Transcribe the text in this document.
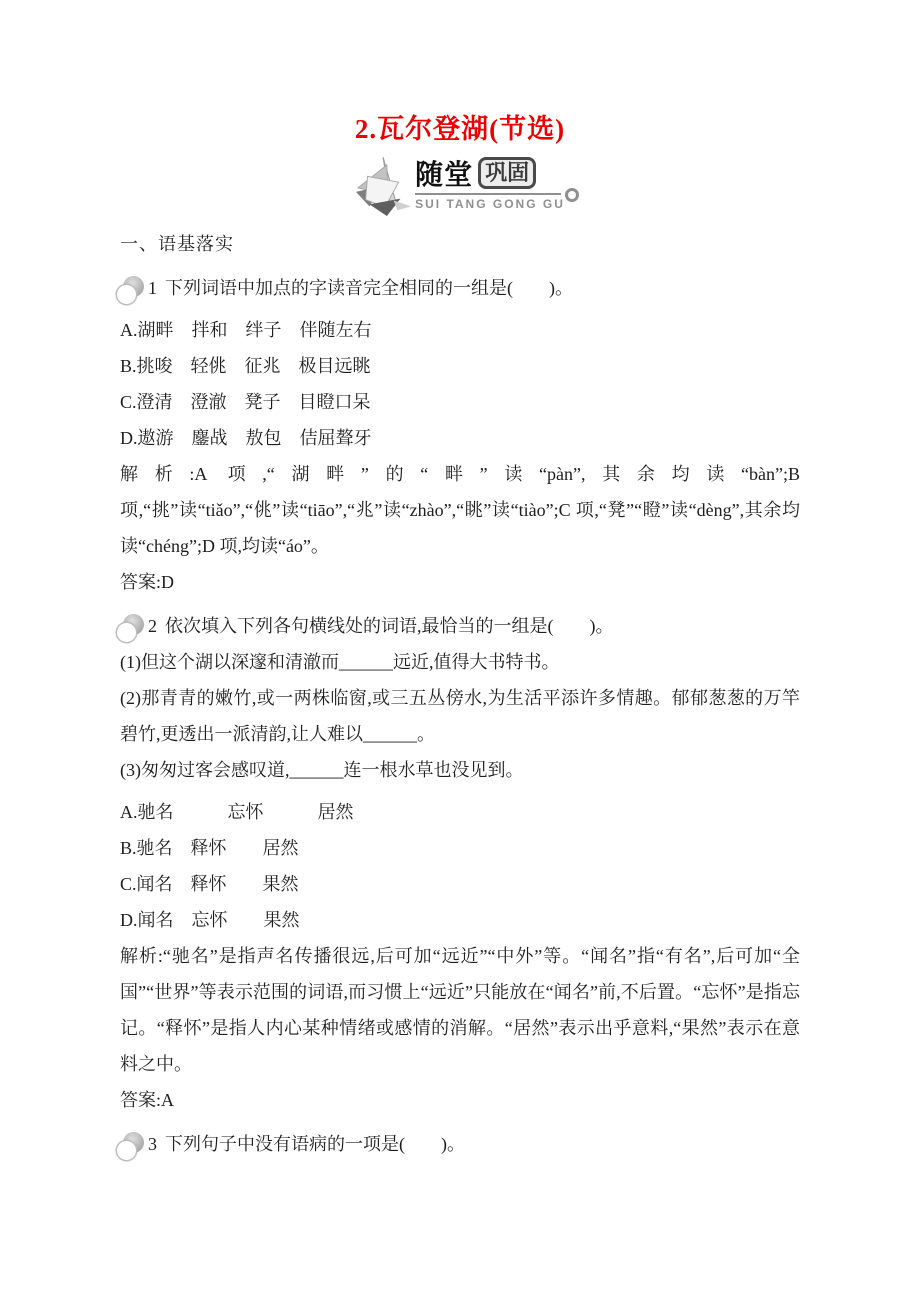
2.瓦尔登湖(节选)
随堂 巩固
SUI TANG GONG GU

一、语基落实

1 下列词语中加点的字读音完全相同的一组是(　　)。

A.湖畔　拌和　绊子　伴随左右

B.挑唆　轻佻　征兆　极目远眺

C.澄清　澄澈　凳子　目瞪口呆

D.遨游　鏖战　敖包　佶屈聱牙

解析:A 项,“湖畔”的“畔”读“pàn”,其余均读“bàn”;B 项,“挑”读“tiǎo”,“佻”读“tiāo”,“兆”读“zhào”,“眺”读“tiào”;C 项,“凳”“瞪”读“dèng”,其余均读“chéng”;D 项,均读“áo”。

答案:D

2 依次填入下列各句横线处的词语,最恰当的一组是(　　)。

(1)但这个湖以深邃和清澈而______远近,值得大书特书。

(2)那青青的嫩竹,或一两株临窗,或三五丛傍水,为生活平添许多情趣。郁郁葱葱的万竿碧竹,更透出一派清韵,让人难以______。

(3)匆匆过客会感叹道,______连一根水草也没见到。

A.驰名　　　忘怀　　　居然

B.驰名　释怀　　居然

C.闻名　释怀　　果然

D.闻名　忘怀　　果然

解析:“驰名”是指声名传播很远,后可加“远近”“中外”等。“闻名”指“有名”,后可加“全国”“世界”等表示范围的词语,而习惯上“远近”只能放在“闻名”前,不后置。“忘怀”是指忘记。“释怀”是指人内心某种情绪或感情的消解。“居然”表示出乎意料,“果然”表示在意料之中。

答案:A

3 下列句子中没有语病的一项是(　　)。
